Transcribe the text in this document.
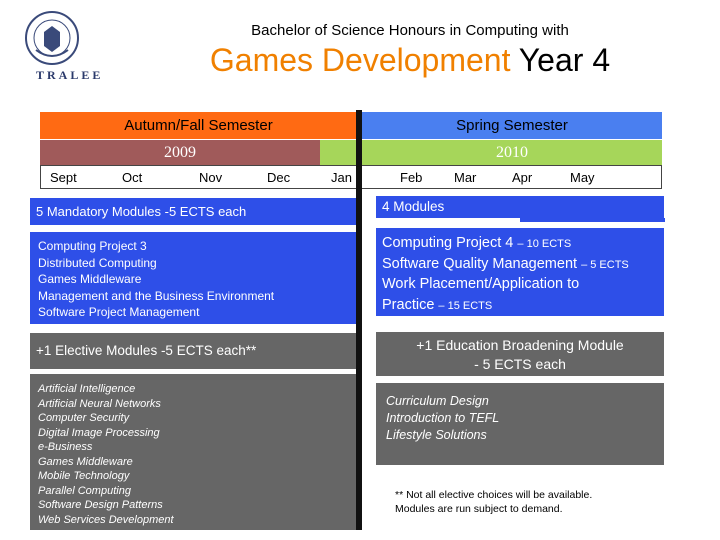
TRALEE
Bachelor of Science Honours in Computing with
Games Development Year 4
Autumn/Fall Semester	Spring Semester
2009	2010
Sept	Oct	Nov	Dec	Jan	Feb Mar	Apr	May
5 Mandatory Modules -5 ECTS each
Computing Project 3
Distributed Computing
Games Middleware
Management and the Business Environment
Software Project Management
+1 Elective Modules -5 ECTS each**
Artificial Intelligence
Artificial Neural Networks
Computer Security
Digital Image Processing
e-Business
Games Middleware
Mobile Technology
Parallel Computing
Software Design Patterns
Web Services Development
4 Modules
Computing Project 4 – 10 ECTS
Software Quality Management – 5 ECTS
Work Placement/Application to
Practice – 15 ECTS
+1 Education Broadening Module
- 5 ECTS each
Curriculum Design
Introduction to TEFL
Lifestyle Solutions
** Not all elective choices will be available.
Modules are run subject to demand.
